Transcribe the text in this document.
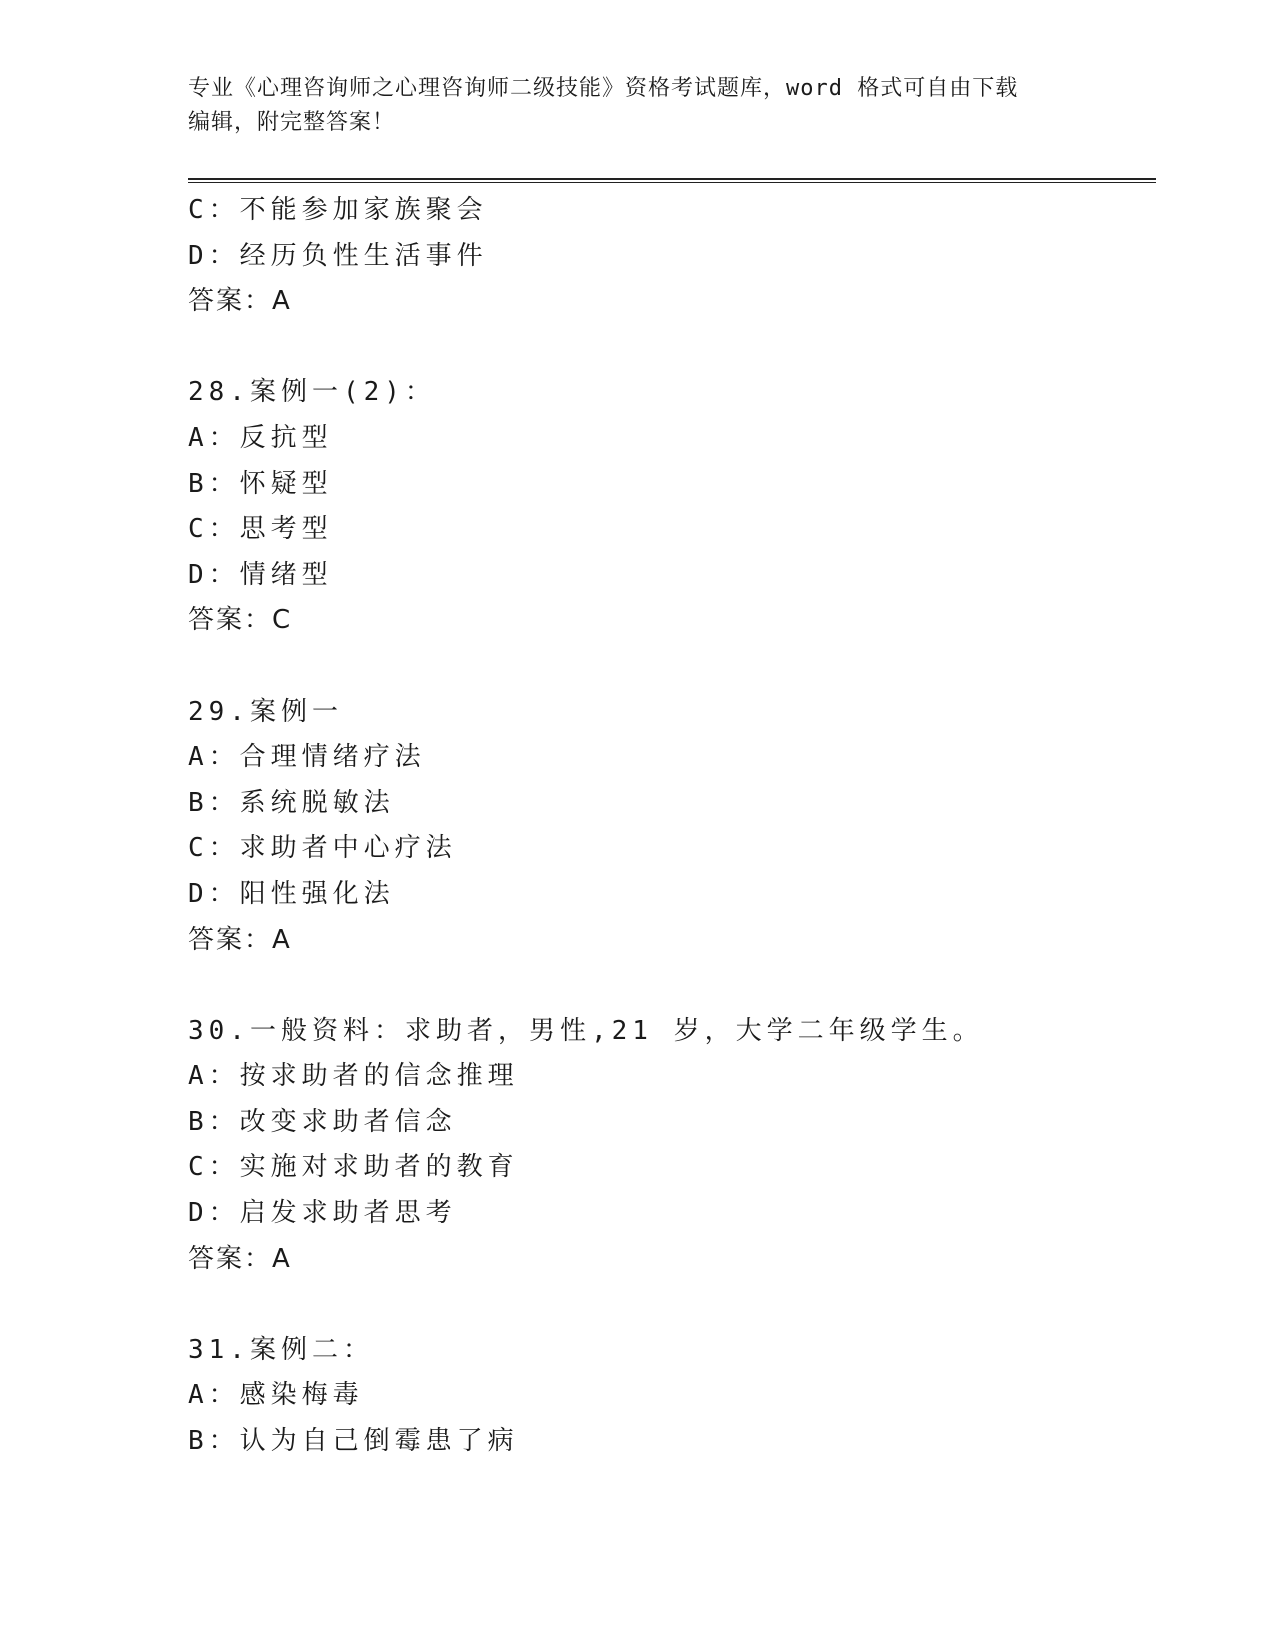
专业《心理咨询师之心理咨询师二级技能》资格考试题库，word 格式可自由下载
编辑，附完整答案！
C：不能参加家族聚会
D：经历负性生活事件
答案：A
28.案例一(2)：
A：反抗型
B：怀疑型
C：思考型
D：情绪型
答案：C
29.案例一
A：合理情绪疗法
B：系统脱敏法
C：求助者中心疗法
D：阳性强化法
答案：A
30.一般资料：求助者，男性,21 岁，大学二年级学生。
A：按求助者的信念推理
B：改变求助者信念
C：实施对求助者的教育
D：启发求助者思考
答案：A
31.案例二：
A：感染梅毒
B：认为自己倒霉患了病
